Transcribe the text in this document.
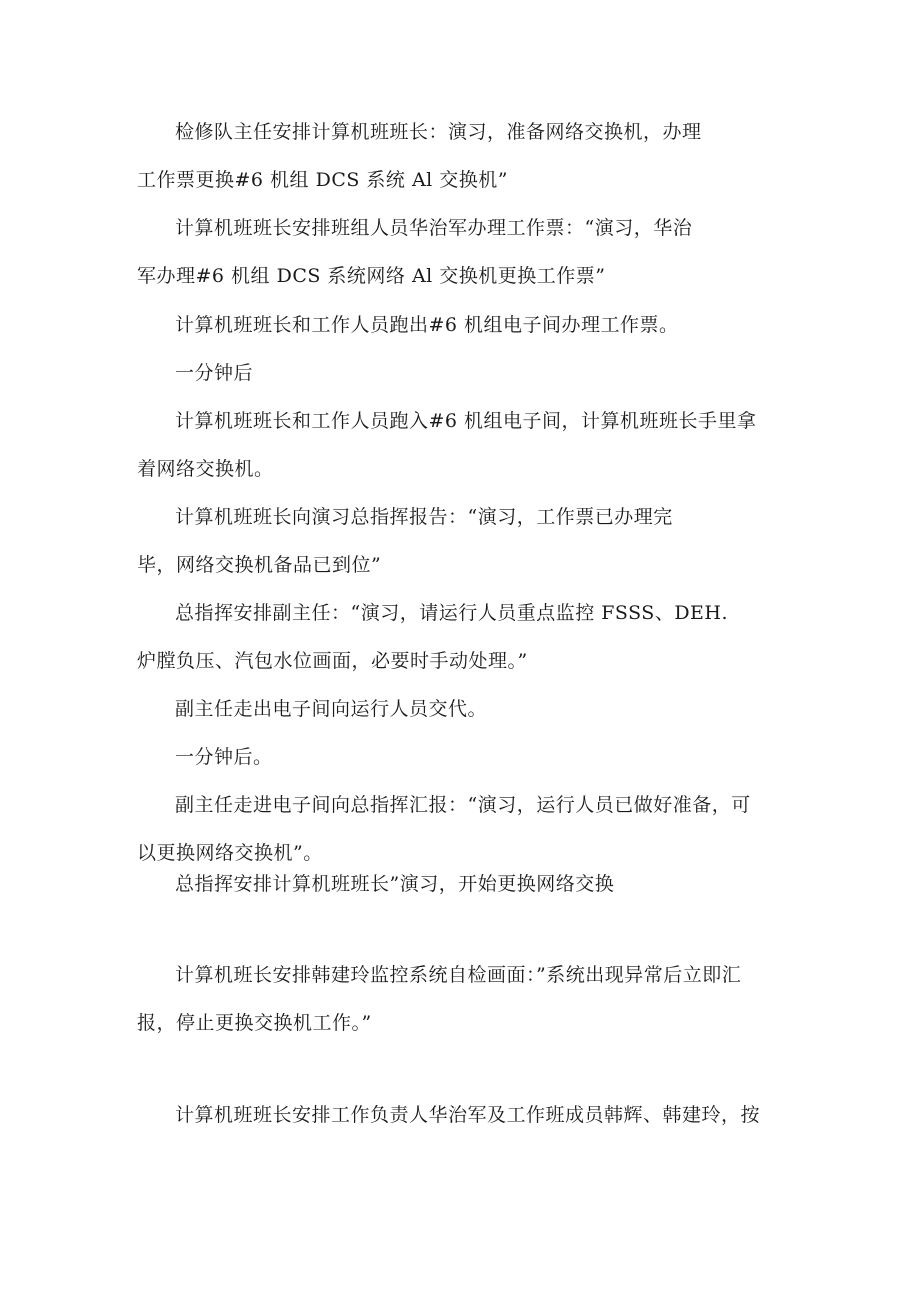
检修队主任安排计算机班班长：演习，准备网络交换机，办理
工作票更换#6 机组 DCS 系统 Al 交换机”
计算机班班长安排班组人员华治军办理工作票：“演习，华治
军办理#6 机组 DCS 系统网络 Al 交换机更换工作票”
计算机班班长和工作人员跑出#6 机组电子间办理工作票。
一分钟后
计算机班班长和工作人员跑入#6 机组电子间，计算机班班长手里拿
着网络交换机。
计算机班班长向演习总指挥报告：“演习，工作票已办理完
毕，网络交换机备品已到位”
总指挥安排副主任：“演习，请运行人员重点监控 FSSS、DEH.
炉膛负压、汽包水位画面，必要时手动处理。”
副主任走出电子间向运行人员交代。
一分钟后。
副主任走进电子间向总指挥汇报：“演习，运行人员已做好准备，可
以更换网络交换机”。
总指挥安排计算机班班长”演习，开始更换网络交换
计算机班长安排韩建玲监控系统自检画面：”系统出现异常后立即汇
报，停止更换交换机工作。”
计算机班班长安排工作负责人华治军及工作班成员韩辉、韩建玲，按
